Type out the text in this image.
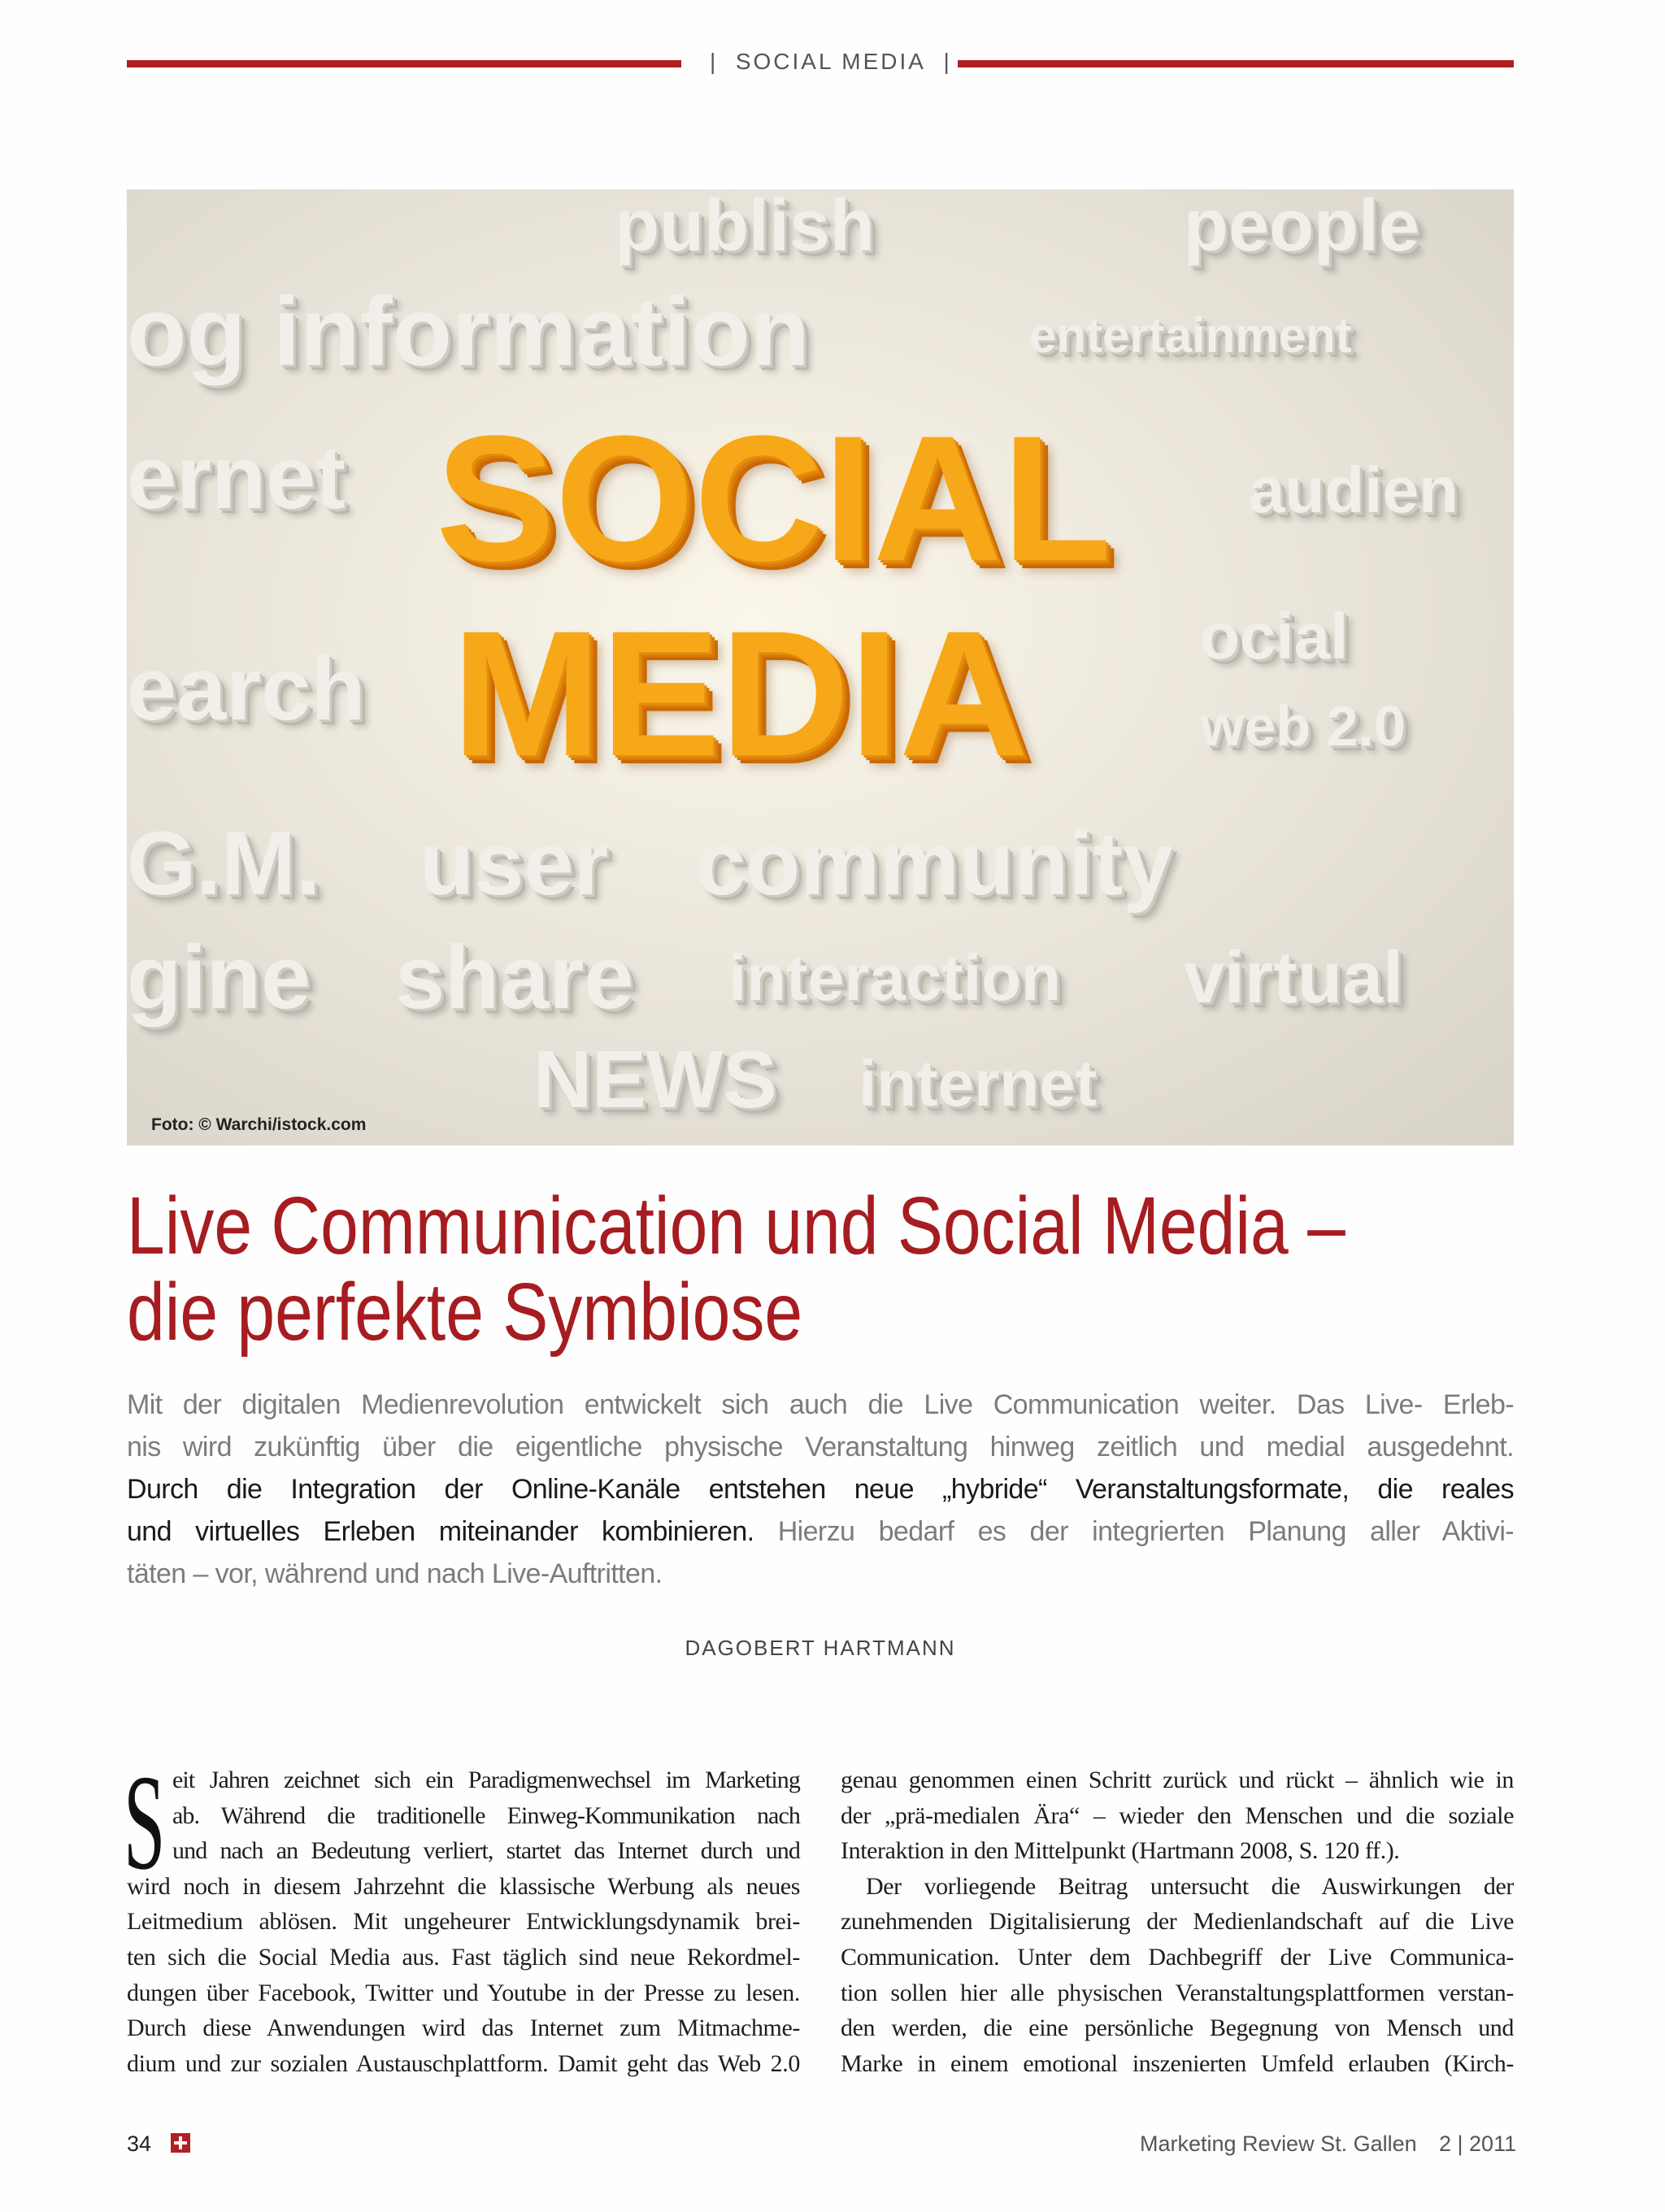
| SOCIAL MEDIA |
publish	people
og information	entertainment
ernet SOCIAL audien
earch MEDIA	ocial
web 2.0
G.M. user community
gine share interaction virtual
NEWS internet
Foto: © Warchi/istock.com
Live Communication und Social Media –
die perfekte Symbiose
Mit der digitalen Medienrevolution entwickelt sich auch die Live Communication weiter. Das Live- Erleb-
nis wird zukünftig über die eigentliche physische Veranstaltung hinweg zeitlich und medial ausgedehnt.
Durch die Integration der Online-Kanäle entstehen neue „hybride“ Veranstaltungsformate, die reales
und virtuelles Erleben miteinander kombinieren. Hierzu bedarf es der integrierten Planung aller Aktivi-
täten – vor, während und nach Live-Auftritten.
DAGOBERT HARTMANN
S eit Jahren zeichnet sich ein Paradigmenwechsel im Marketing
ab. Während die traditionelle Einweg-Kommunikation nach
und nach an Bedeutung verliert, startet das Internet durch und
wird noch in diesem Jahrzehnt die klassische Werbung als neues
Leitmedium ablösen. Mit ungeheurer Entwicklungsdynamik brei-
ten sich die Social Media aus. Fast täglich sind neue Rekordmel-
dungen über Facebook, Twitter und Youtube in der Presse zu lesen.
Durch diese Anwendungen wird das Internet zum Mitmachme-
dium und zur sozialen Austauschplattform. Damit geht das Web 2.0
genau genommen einen Schritt zurück und rückt – ähnlich wie in
der „prä-medialen Ära“ – wieder den Menschen und die soziale
Interaktion in den Mittelpunkt (Hartmann 2008, S. 120 ff.).
Der vorliegende Beitrag untersucht die Auswirkungen der
zunehmenden Digitalisierung der Medienlandschaft auf die Live
Communication. Unter dem Dachbegriff der Live Communica-
tion sollen hier alle physischen Veranstaltungsplattformen verstan-
den werden, die eine persönliche Begegnung von Mensch und
Marke in einem emotional inszenierten Umfeld erlauben (Kirch-
34	Marketing Review St. Gallen 2 | 2011
